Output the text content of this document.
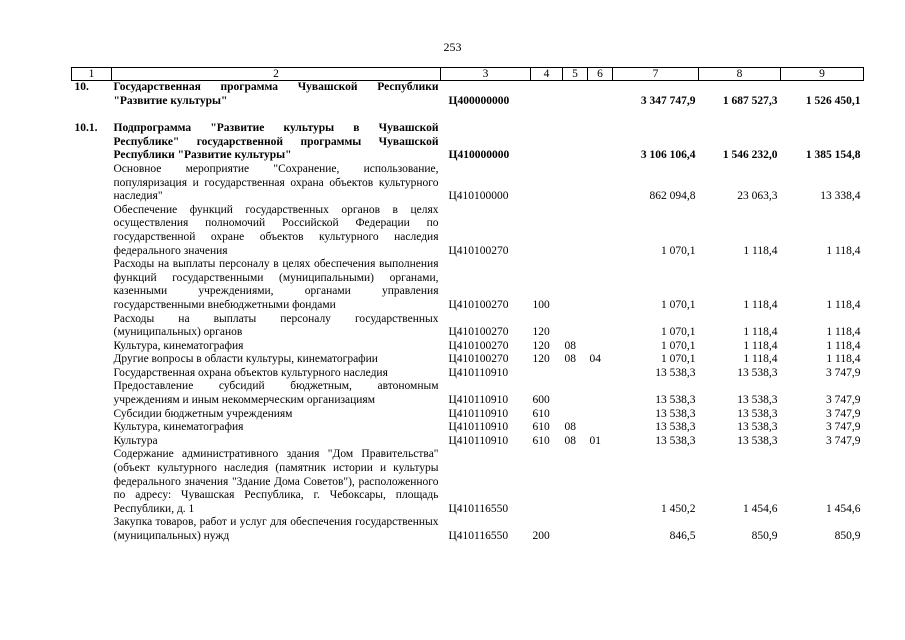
253
1	2	3	4	5	6	7	8	9
10.	Государственная программа Чувашской Республики "Развитие культуры"	Ц400000000				3 347 747,9	1 687 527,3	1 526 450,1

10.1.	Подпрограмма "Развитие культуры в Чувашской Республике" государственной программы Чувашской Республики "Развитие культуры"	Ц410000000				3 106 106,4	1 546 232,0	1 385 154,8
	Основное мероприятие "Сохранение, использование, популяризация и государственная охрана объектов культурного наследия"	Ц410100000				862 094,8	23 063,3	13 338,4
	Обеспечение функций государственных органов в целях осуществления полномочий Российской Федерации по государственной охране объектов культурного наследия федерального значения	Ц410100270				1 070,1	1 118,4	1 118,4
	Расходы на выплаты персоналу в целях обеспечения выполнения функций государственными (муниципальными) органами, казенными учреждениями, органами управления государственными внебюджетными фондами	Ц410100270	100			1 070,1	1 118,4	1 118,4
	Расходы на выплаты персоналу государственных (муниципальных) органов	Ц410100270	120			1 070,1	1 118,4	1 118,4
	Культура, кинематография	Ц410100270	120	08		1 070,1	1 118,4	1 118,4
	Другие вопросы в области культуры, кинематографии	Ц410100270	120	08	04	1 070,1	1 118,4	1 118,4
	Государственная охрана объектов культурного наследия	Ц410110910				13 538,3	13 538,3	3 747,9
	Предоставление субсидий бюджетным, автономным учреждениям и иным некоммерческим организациям	Ц410110910	600			13 538,3	13 538,3	3 747,9
	Субсидии бюджетным учреждениям	Ц410110910	610			13 538,3	13 538,3	3 747,9
	Культура, кинематография	Ц410110910	610	08		13 538,3	13 538,3	3 747,9
	Культура	Ц410110910	610	08	01	13 538,3	13 538,3	3 747,9
	Содержание административного здания "Дом Правительства" (объект культурного наследия (памятник истории и культуры федерального значения "Здание Дома Советов"), расположенного по адресу: Чувашская Республика, г. Чебоксары, площадь Республики, д. 1	Ц410116550				1 450,2	1 454,6	1 454,6
	Закупка товаров, работ и услуг для обеспечения государственных (муниципальных) нужд	Ц410116550	200			846,5	850,9	850,9
